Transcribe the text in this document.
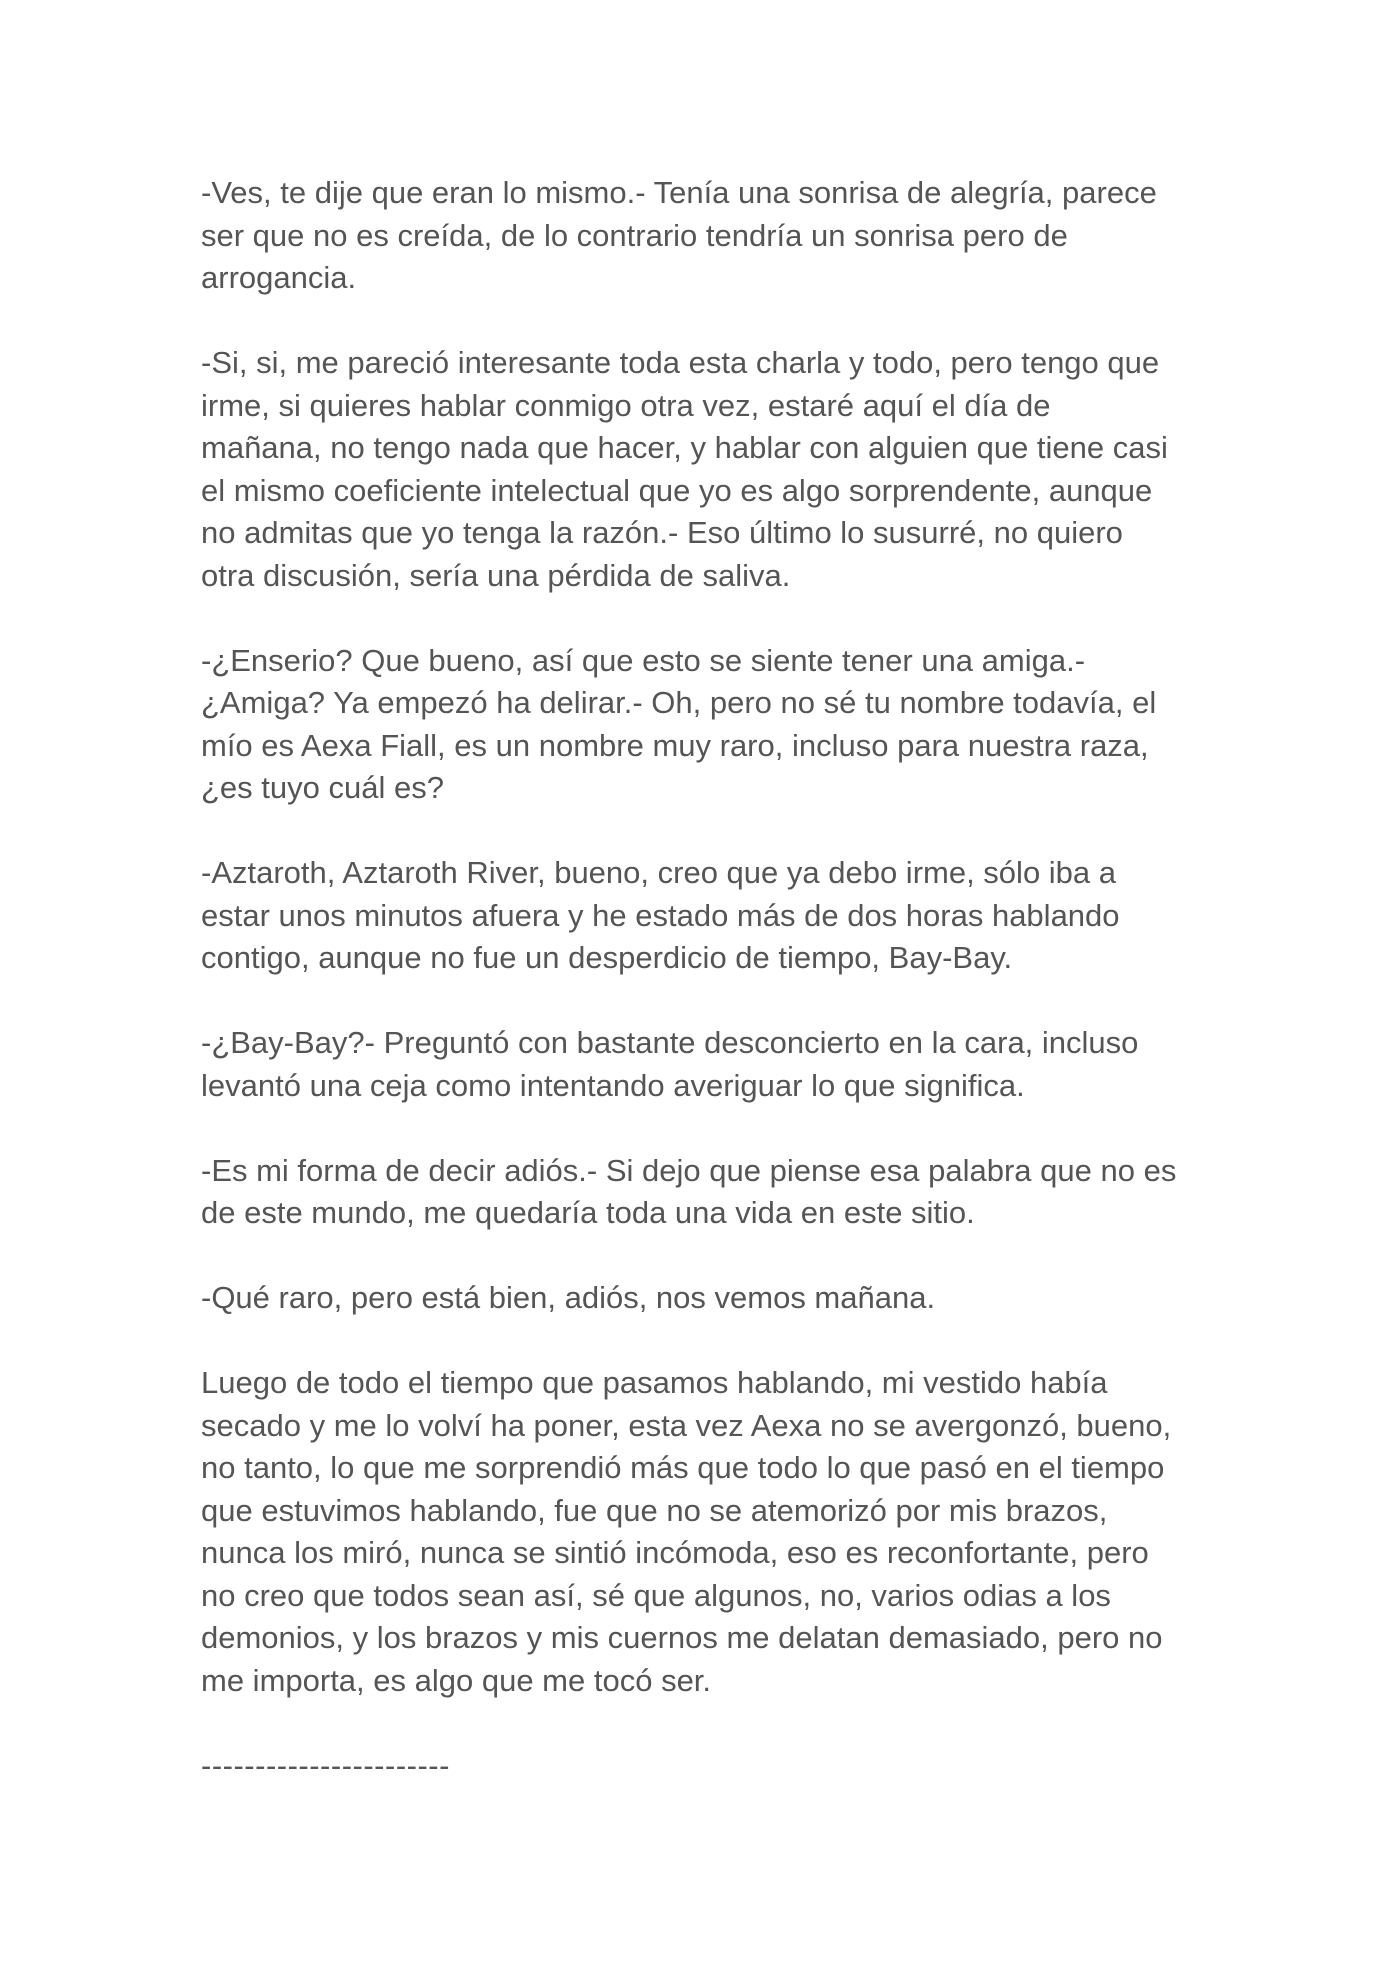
-Ves, te dije que eran lo mismo.- Tenía una sonrisa de alegría, parece
ser que no es creída, de lo contrario tendría un sonrisa pero de
arrogancia.

-Si, si, me pareció interesante toda esta charla y todo, pero tengo que
irme, si quieres hablar conmigo otra vez, estaré aquí el día de
mañana, no tengo nada que hacer, y hablar con alguien que tiene casi
el mismo coeficiente intelectual que yo es algo sorprendente, aunque
no admitas que yo tenga la razón.- Eso último lo susurré, no quiero
otra discusión, sería una pérdida de saliva.

-¿Enserio? Que bueno, así que esto se siente tener una amiga.-
¿Amiga? Ya empezó ha delirar.- Oh, pero no sé tu nombre todavía, el
mío es Aexa Fiall, es un nombre muy raro, incluso para nuestra raza,
¿es tuyo cuál es?

-Aztaroth, Aztaroth River, bueno, creo que ya debo irme, sólo iba a
estar unos minutos afuera y he estado más de dos horas hablando
contigo, aunque no fue un desperdicio de tiempo, Bay-Bay.

-¿Bay-Bay?- Preguntó con bastante desconcierto en la cara, incluso
levantó una ceja como intentando averiguar lo que significa.

-Es mi forma de decir adiós.- Si dejo que piense esa palabra que no es
de este mundo, me quedaría toda una vida en este sitio.

-Qué raro, pero está bien, adiós, nos vemos mañana.

Luego de todo el tiempo que pasamos hablando, mi vestido había
secado y me lo volví ha poner, esta vez Aexa no se avergonzó, bueno,
no tanto, lo que me sorprendió más que todo lo que pasó en el tiempo
que estuvimos hablando, fue que no se atemorizó por mis brazos,
nunca los miró, nunca se sintió incómoda, eso es reconfortante, pero
no creo que todos sean así, sé que algunos, no, varios odias a los
demonios, y los brazos y mis cuernos me delatan demasiado, pero no
me importa, es algo que me tocó ser.

-----------------------
